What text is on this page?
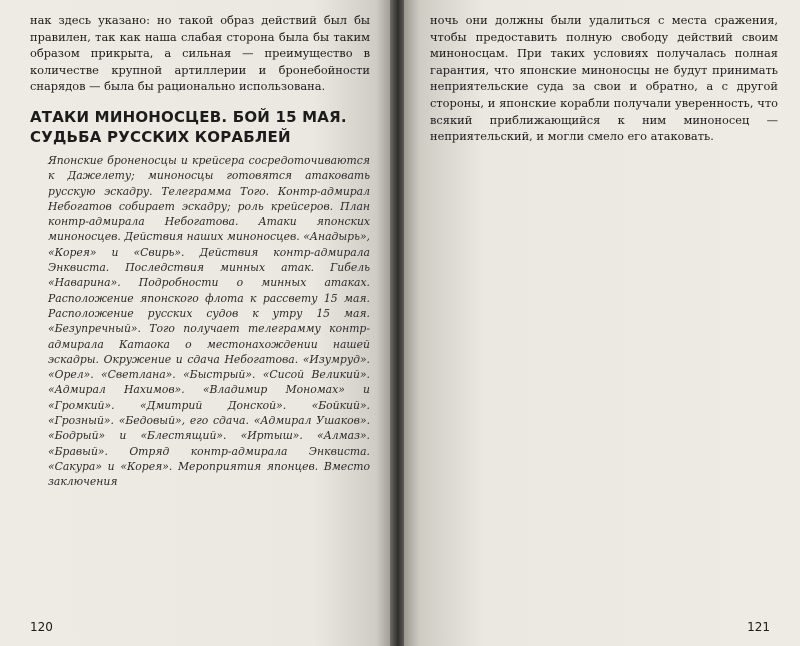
нак здесь указано: но такой образ действий был бы правилен, так как наша слабая сторона была бы таким образом прикрыта, а сильная — преимущество в количестве крупной артиллерии и бронебойности снарядов — была бы рационально использована.

АТАКИ МИНОНОСЦЕВ. БОЙ 15 МАЯ.
СУДЬБА РУССКИХ КОРАБЛЕЙ

Японские броненосцы и крейсера сосредоточиваются к Дажелету; миноносцы готовятся атаковать русскую эскадру. Телеграмма Того. Контр-адмирал Небогатов собирает эскадру; роль крейсеров. План контр-адмирала Небогатова. Атаки японских миноносцев. Действия наших миноносцев. «Анадырь», «Корея» и «Свирь». Действия контр-адмирала Энквиста. Последствия минных атак. Гибель «Наварина». Подробности о минных атаках. Расположение японского флота к рассвету 15 мая. Расположение русских судов к утру 15 мая. «Безупречный». Того получает телеграмму контр-адмирала Катаока о местонахождении нашей эскадры. Окружение и сдача Небогатова. «Изумруд». «Орел». «Светлана». «Быстрый». «Сисой Великий». «Адмирал Нахимов». «Владимир Мономах» и «Громкий». «Дмитрий Донской». «Бойкий». «Грозный». «Бедовый», его сдача. «Адмирал Ушаков». «Бодрый» и «Блестящий». «Иртыш». «Алмаз». «Бравый». Отряд контр-адмирала Энквиста. «Сакура» и «Корея». Мероприятия японцев. Вместо заключения

120

ночь они должны были удалиться с места сражения, чтобы предоставить полную свободу действий своим миноносцам. При таких условиях получалась полная гарантия, что японские миноносцы не будут принимать неприятельские суда за свои и обратно, а с другой стороны, и японские корабли получали уверенность, что всякий приближающийся к ним миноносец — неприятельский, и могли смело его атаковать.

121
